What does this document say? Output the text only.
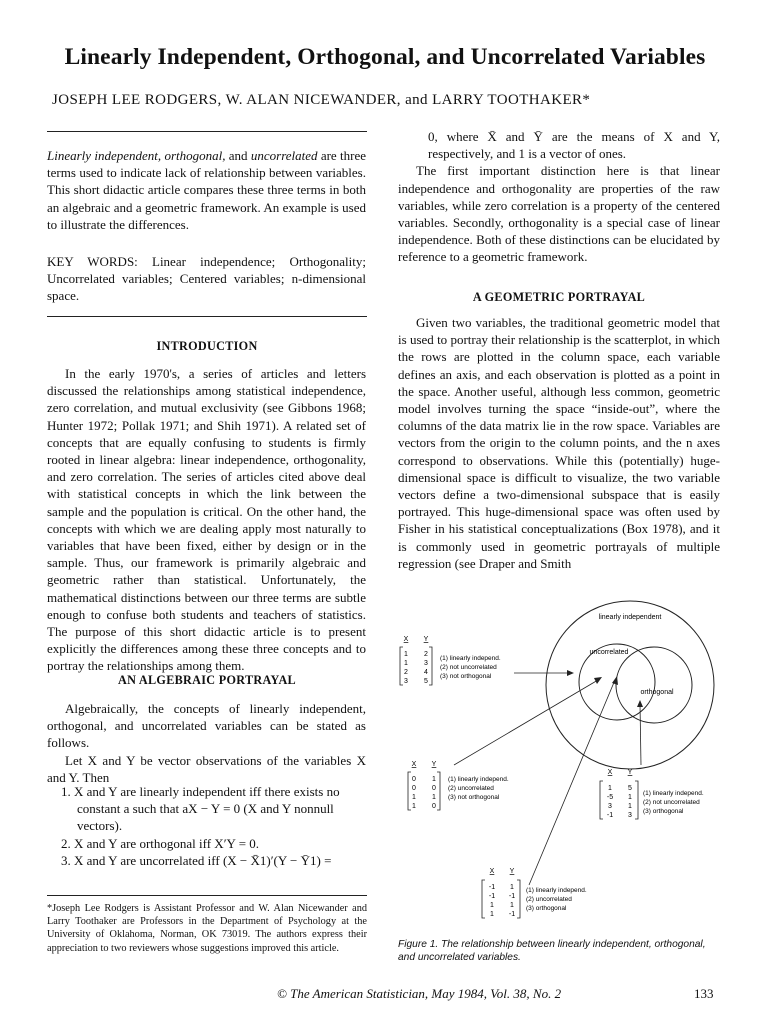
Linearly Independent, Orthogonal, and Uncorrelated Variables

JOSEPH LEE RODGERS, W. ALAN NICEWANDER, and LARRY TOOTHAKER*

Linearly independent, orthogonal, and uncorrelated are three terms used to indicate lack of relationship between variables. This short didactic article compares these three terms in both an algebraic and a geometric framework. An example is used to illustrate the differences.

KEY WORDS: Linear independence; Orthogonality; Uncorrelated variables; Centered variables; n-dimensional space.

INTRODUCTION

In the early 1970's, a series of articles and letters discussed the relationships among statistical independence, zero correlation, and mutual exclusivity (see Gibbons 1968; Hunter 1972; Pollak 1971; and Shih 1971). A related set of concepts that are equally confusing to students is firmly rooted in linear algebra: linear independence, orthogonality, and zero correlation. The series of articles cited above deal with statistical concepts in which the link between the sample and the population is critical. On the other hand, the concepts with which we are dealing apply most naturally to variables that have been fixed, either by design or in the sample. Thus, our framework is primarily algebraic and geometric rather than statistical. Unfortunately, the mathematical distinctions between our three terms are subtle enough to confuse both students and teachers of statistics. The purpose of this short didactic article is to present explicitly the differences among these three concepts and to portray the relationships among them.

AN ALGEBRAIC PORTRAYAL

Algebraically, the concepts of linearly independent, orthogonal, and uncorrelated variables can be stated as follows.

Let X and Y be vector observations of the variables X and Y. Then

1. X and Y are linearly independent iff there exists no constant a such that aX − Y = 0 (X and Y nonnull vectors).
2. X and Y are orthogonal iff X′Y = 0.
3. X and Y are uncorrelated iff (X − X̄1)′(Y − Ȳ1) =

*Joseph Lee Rodgers is Assistant Professor and W. Alan Nicewander and Larry Toothaker are Professors in the Department of Psychology at the University of Oklahoma, Norman, OK 73019. The authors express their appreciation to two reviewers whose suggestions improved this article.

0, where X̄ and Ȳ are the means of X and Y, respectively, and 1 is a vector of ones.

The first important distinction here is that linear independence and orthogonality are properties of the raw variables, while zero correlation is a property of the centered variables. Secondly, orthogonality is a special case of linear independence. Both of these distinctions can be elucidated by reference to a geometric framework.

A GEOMETRIC PORTRAYAL

Given two variables, the traditional geometric model that is used to portray their relationship is the scatterplot, in which the rows are plotted in the column space, each variable defines an axis, and each observation is plotted as a point in the space. Another useful, although less common, geometric model involves turning the space “inside-out”, where the columns of the data matrix lie in the row space. Variables are vectors from the origin to the column points, and the n axes correspond to observations. While this (potentially) huge-dimensional space is difficult to visualize, the two variable vectors define a two-dimensional subspace that is easily portrayed. This huge-dimensional space was often used by Fisher in his statistical conceptualizations (Box 1978), and it is commonly used in geometric portrayals of multiple regression (see Draper and Smith

linearly independent
uncorrelated
orthogonal
X Y
1 2
1 3
2 4
3 5
(1) linearly independ.
(2) not uncorrelated
(3) not orthogonal
X Y
0 1
0 0
1 1
1 0
(1) linearly independ.
(2) uncorrelated
(3) not orthogonal
X Y
1 5
-5 1
3 1
-1 3
(1) linearly independ.
(2) not uncorrelated
(3) orthogonal
X Y
-1 1
-1 -1
1 1
1 -1
(1) linearly independ.
(2) uncorrelated
(3) orthogonal

Figure 1. The relationship between linearly independent, orthogonal, and uncorrelated variables.

© The American Statistician, May 1984, Vol. 38, No. 2	133
